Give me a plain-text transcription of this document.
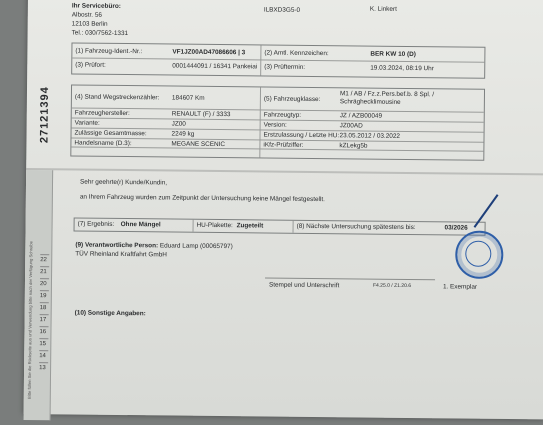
Ihr Servicebüro:
Albostr. 56
12103 Berlin
Tel.: 030/7562-1331
ILBXD3G5-0	K. Linkert
27121394
(1) Fahrzeug-Ident.-Nr.:	VF1JZ00AD47086606 | 3	(2) Amtl. Kennzeichen:	BER KW 10 (D)
(3) Prüfort:	0001444091 / 16341 Pankeiai (3) Prüftermin:	19.03.2024, 08:19 Uhr
(4) Stand Wegstreckenzähler: 184607 Km	(5) Fahrzeugklasse:
M1 / AB / Fz.z.Pers.bef.b. 8 Spl. /
Schräghecklimousine
Fahrzeughersteller:	RENAULT (F) / 3333	Fahrzeugtyp:	JZ / AZB00049
Variante:	JZ00	Version:	JZ00AD
Zulässige Gesamtmasse:	2249 kg	Erstzulassung / Letzte HU: 23.05.2012 / 03.2022
Handelsname (D.3):	MEGANE SCENIC	iKfz-Prüfziffer:	kZLekg5b
Bitte füllen Sie die Rückseite aus und Verwendung bitte nach der Verfügung Schreibe	22
21
20
19
18
17
16
15
14
13
Sehr geehrte(r) Kunde/Kundin,
an Ihrem Fahrzeug wurden zum Zeitpunkt der Untersuchung keine Mängel festgestellt.
(7) Ergebnis: Ohne Mängel	HU-Plakette: Zugeteilt	(8) Nächste Untersuchung spätestens bis:	03/2026
(9) Verantwortliche Person: Eduard Lamp (00065797)
TÜV Rheinland Kraftfahrt GmbH
Stempel und Unterschrift	F4.25.0 / Z1.20.6	1. Exemplar
(10) Sonstige Angaben:
